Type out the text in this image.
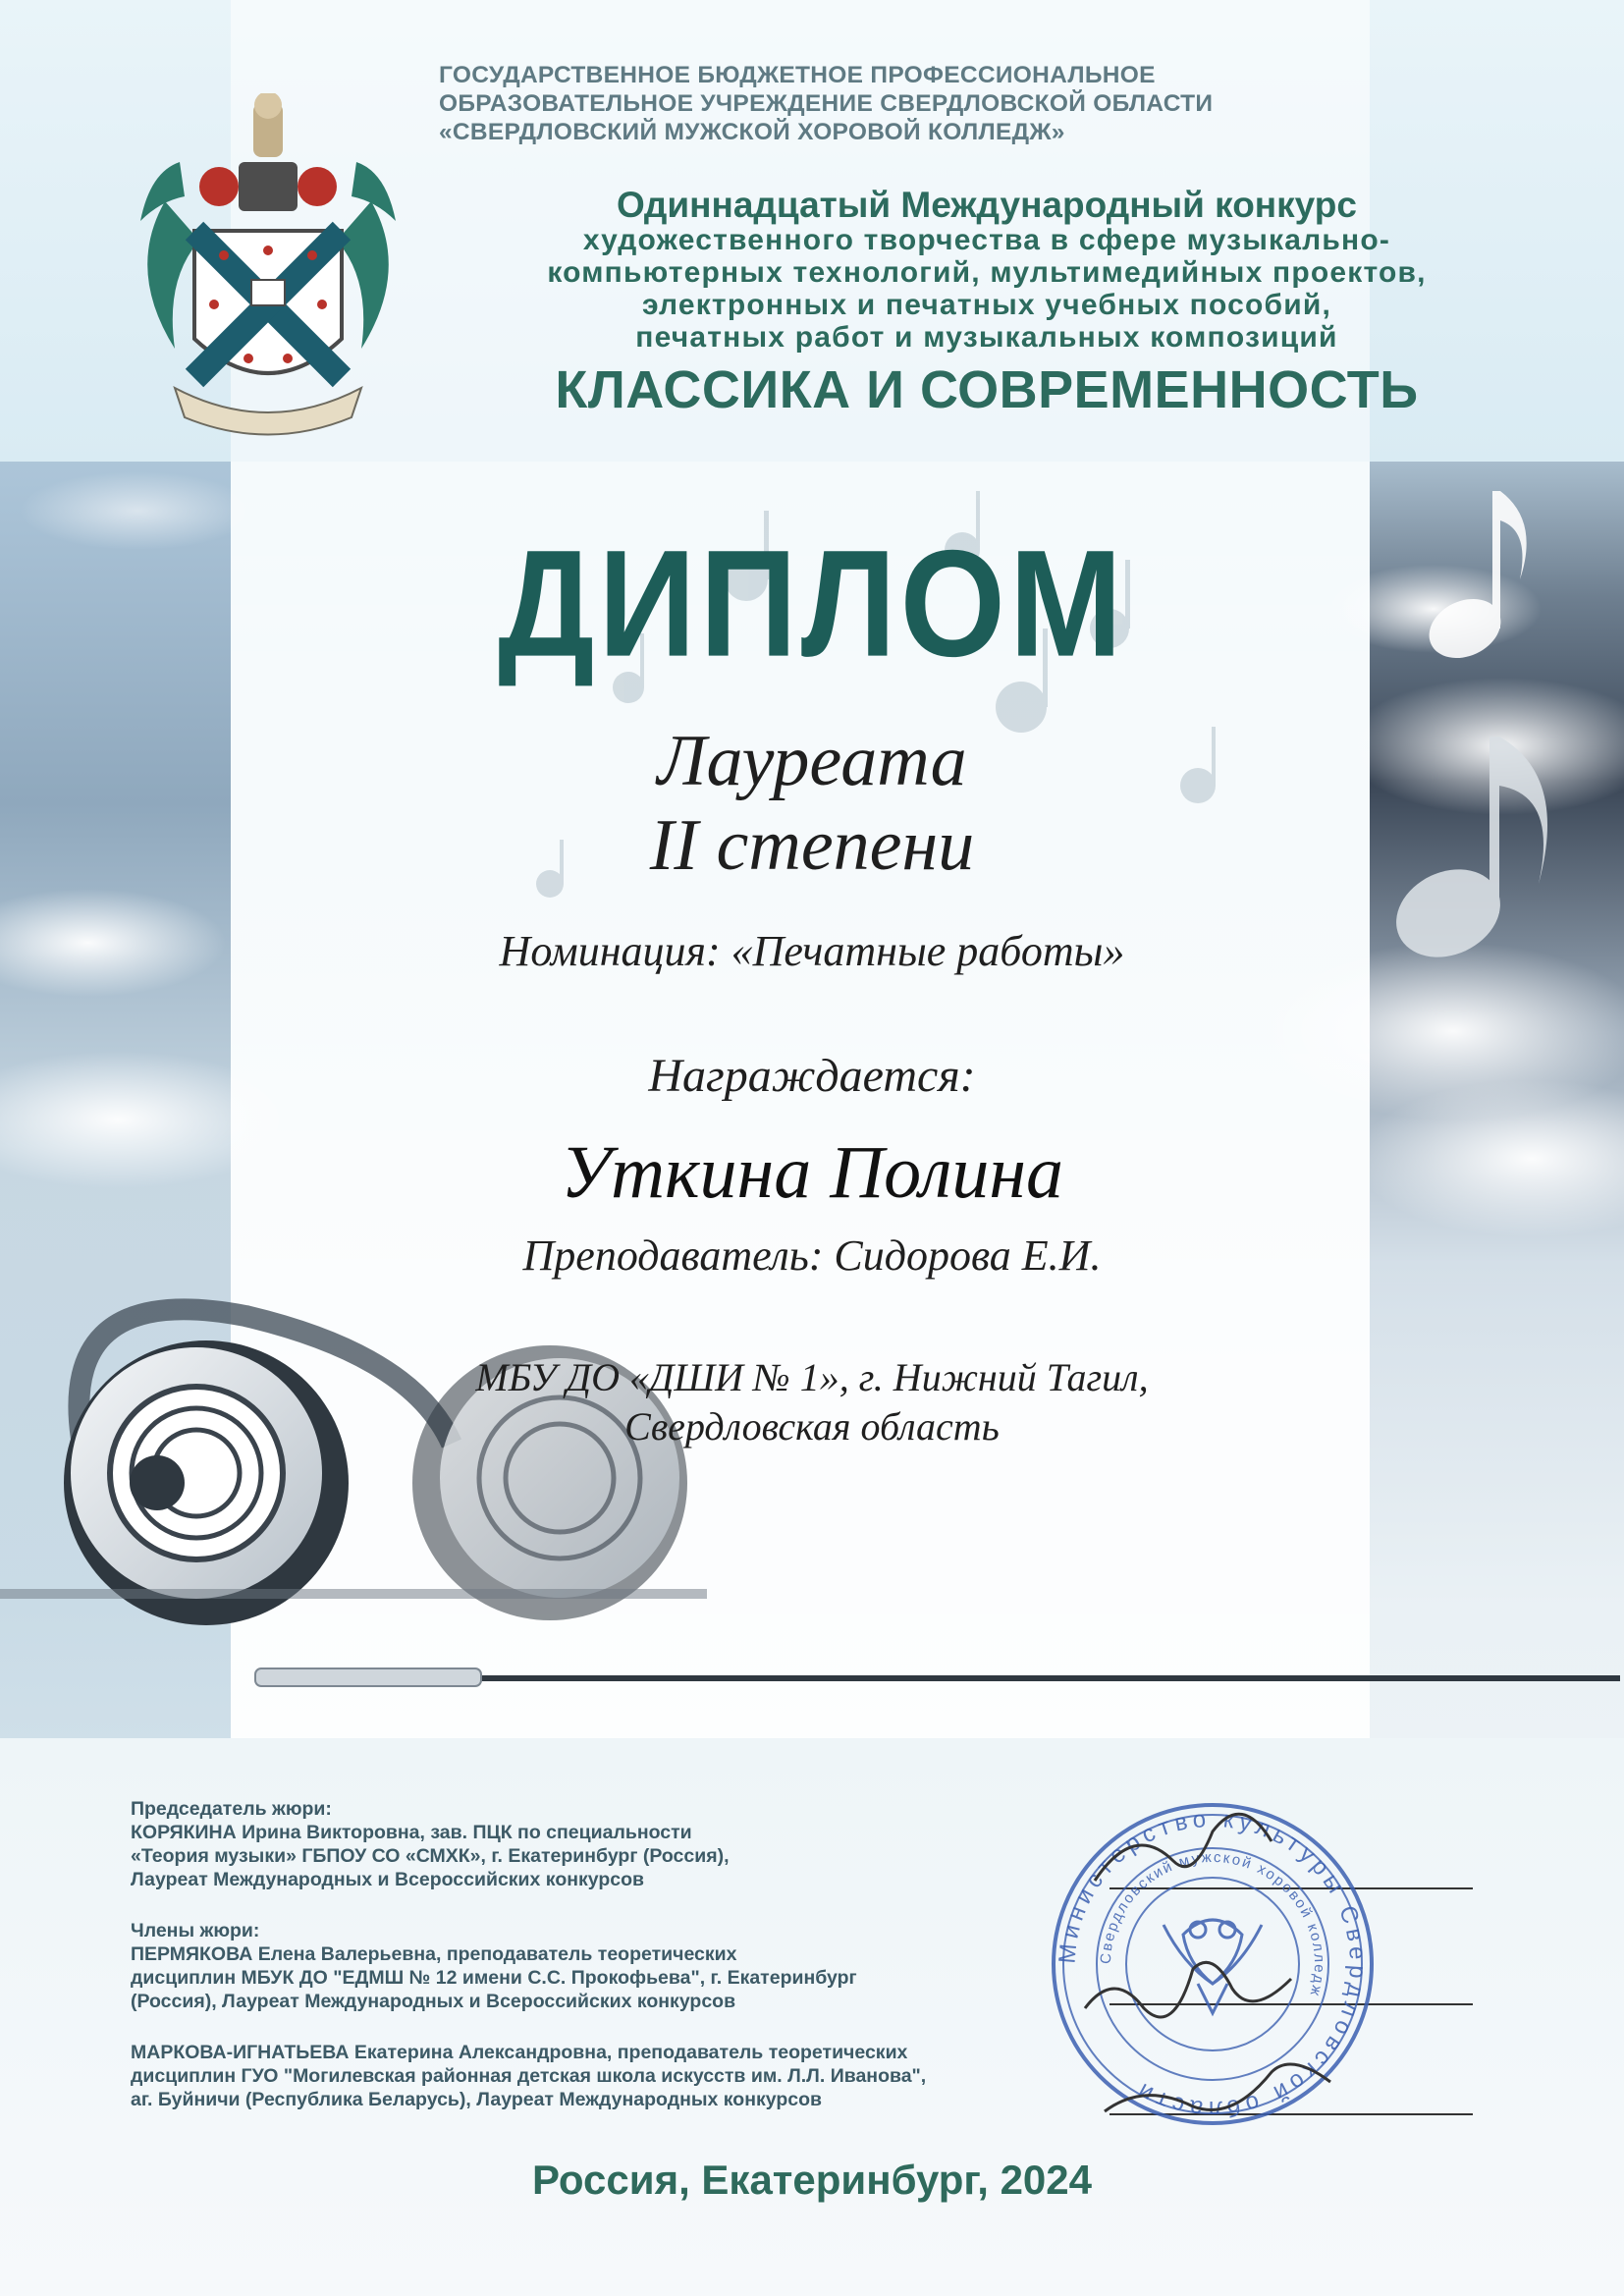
ГОСУДАРСТВЕННОЕ БЮДЖЕТНОЕ ПРОФЕССИОНАЛЬНОЕ
ОБРАЗОВАТЕЛЬНОЕ УЧРЕЖДЕНИЕ СВЕРДЛОВСКОЙ ОБЛАСТИ
«СВЕРДЛОВСКИЙ МУЖСКОЙ ХОРОВОЙ КОЛЛЕДЖ»
Одиннадцатый Международный конкурс
художественного творчества в сфере музыкально-
компьютерных технологий, мультимедийных проектов,
электронных и печатных учебных пособий,
печатных работ и музыкальных композиций
КЛАССИКА И СОВРЕМЕННОСТЬ
ДИПЛОМ
Лауреата
II степени
Номинация: «Печатные работы»
Награждается:
Уткина Полина
Преподаватель: Сидорова Е.И.
МБУ ДО «ДШИ № 1», г. Нижний Тагил,
Свердловская область
Председатель жюри:
КОРЯКИНА Ирина Викторовна, зав. ПЦК по специальности
«Теория музыки» ГБПОУ СО «СМХК», г. Екатеринбург (Россия),
Лауреат Международных и Всероссийских конкурсов
Члены жюри:
ПЕРМЯКОВА Елена Валерьевна, преподаватель теоретических
дисциплин МБУК ДО "ЕДМШ № 12 имени С.С. Прокофьева", г. Екатеринбург
(Россия), Лауреат Международных и Всероссийских конкурсов
МАРКОВА-ИГНАТЬЕВА Екатерина Александровна, преподаватель теоретических
дисциплин ГУО "Могилевская районная детская школа искусств им. Л.Л. Иванова",
аг. Буйничи (Республика Беларусь), Лауреат Международных конкурсов
Министерство культуры Свердловской области
Свердловский мужской хоровой колледж
Россия, Екатеринбург, 2024
